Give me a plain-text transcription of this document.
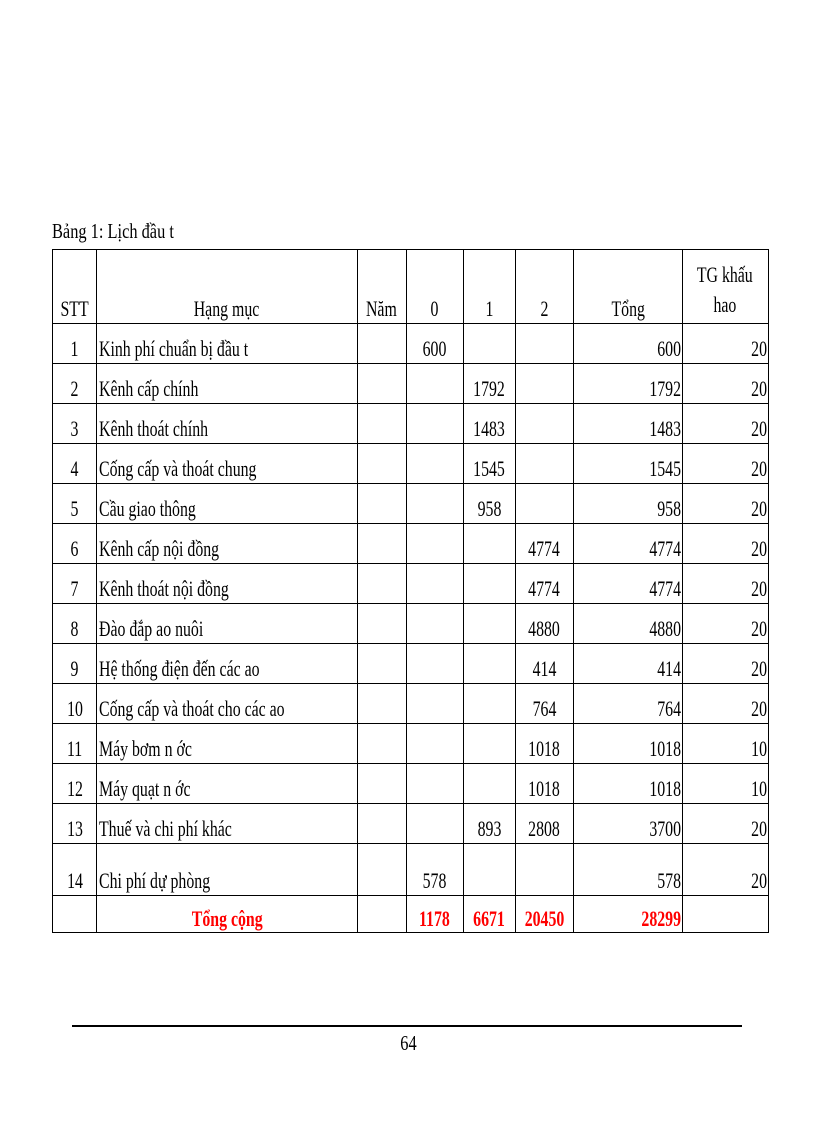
Bảng 1: Lịch đầu t
STT	Hạng mục	Năm	0	1	2	Tổng	TG khấu
hao

1	Kinh phí chuẩn bị đầu t		600			600	20
2	Kênh cấp chính			1792		1792	20
3	Kênh thoát chính			1483		1483	20
4	Cống cấp và thoát chung			1545		1545	20
5	Cầu giao thông			958		958	20
6	Kênh cấp nội đồng				4774	4774	20
7	Kênh thoát nội đồng				4774	4774	20
8	Đào đắp ao nuôi				4880	4880	20
9	Hệ thống điện đến các ao				414	414	20
10	Cống cấp và thoát cho các ao				764	764	20
11	Máy bơm n ớc				1018	1018	10
12	Máy quạt n ớc				1018	1018	10
13	Thuế và chi phí khác			893	2808	3700	20
14	Chi phí dự phòng		578			578	20
	Tổng cộng		1178	6671	20450	28299	
64
